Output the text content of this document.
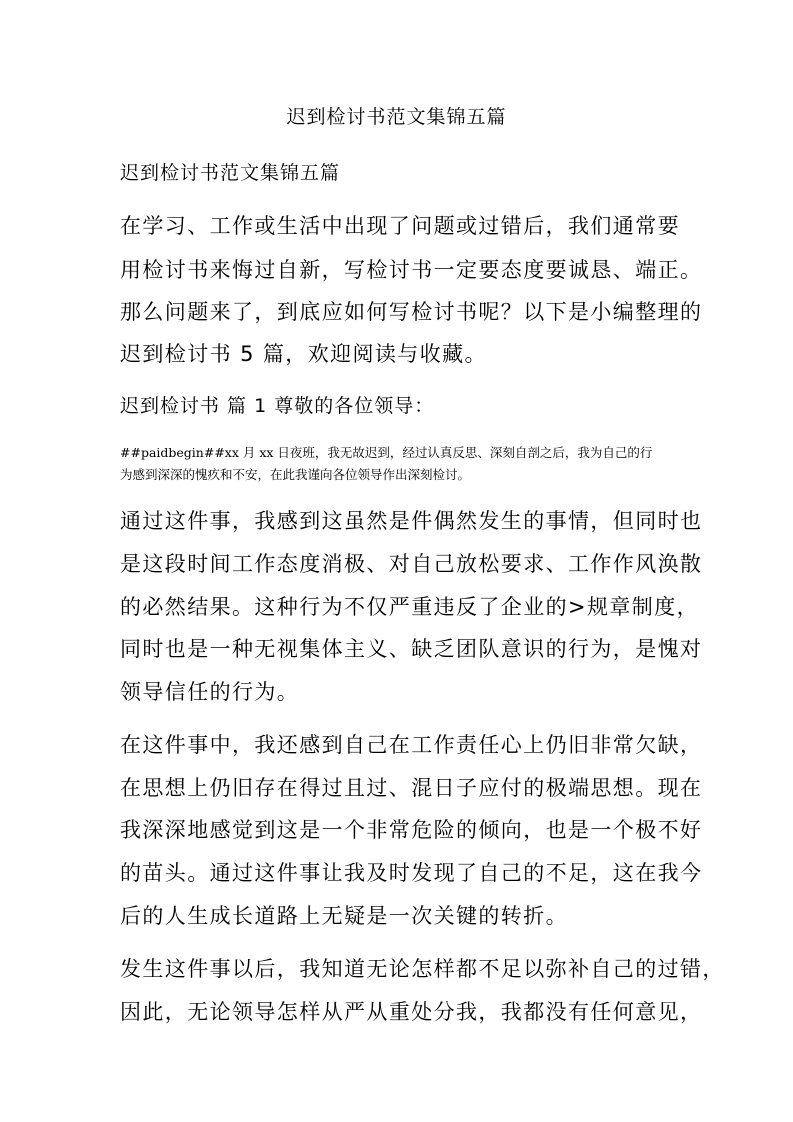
迟到检讨书范文集锦五篇

迟到检讨书范文集锦五篇

在学习、工作或生活中出现了问题或过错后，我们通常要

用检讨书来悔过自新，写检讨书一定要态度要诚恳、端正。

那么问题来了，到底应如何写检讨书呢？以下是小编整理的

迟到检讨书 5 篇，欢迎阅读与收藏。

迟到检讨书 篇 1 尊敬的各位领导：

##paidbegin##xx 月 xx 日夜班，我无故迟到，经过认真反思、深刻自剖之后，我为自己的行

为感到深深的愧疚和不安，在此我谨向各位领导作出深刻检讨。

通过这件事，我感到这虽然是件偶然发生的事情，但同时也

是这段时间工作态度消极、对自己放松要求、工作作风涣散

的必然结果。这种行为不仅严重违反了企业的>规章制度，

同时也是一种无视集体主义、缺乏团队意识的行为，是愧对

领导信任的行为。

在这件事中，我还感到自己在工作责任心上仍旧非常欠缺，

在思想上仍旧存在得过且过、混日子应付的极端思想。现在

我深深地感觉到这是一个非常危险的倾向，也是一个极不好

的苗头。通过这件事让我及时发现了自己的不足，这在我今

后的人生成长道路上无疑是一次关键的转折。

发生这件事以后，我知道无论怎样都不足以弥补自己的过错，

因此，无论领导怎样从严从重处分我，我都没有任何意见，
